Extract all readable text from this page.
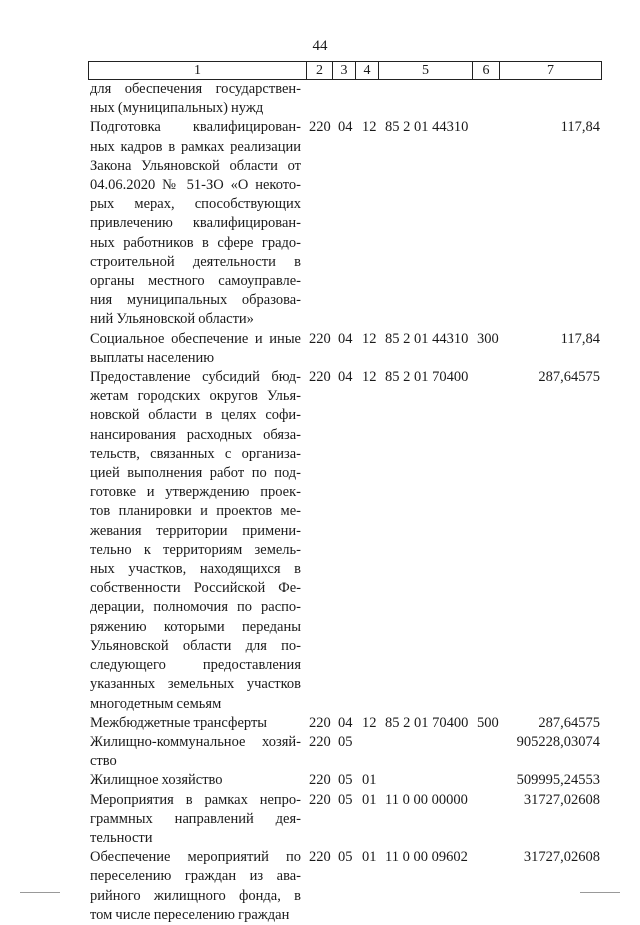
44
1	2	3	4	5	6	7
для обеспечения государствен-
ных (муниципальных) нужд
Подготовка квалифицирован-
ных кадров в рамках реализации
Закона Ульяновской области от
04.06.2020 № 51-ЗО «О некото-
рых мерах, способствующих
привлечению квалифицирован-
ных работников в сфере градо-
строительной деятельности в
органы местного самоуправле-
ния муниципальных образова-
ний Ульяновской области»
220 04 12 85 2 01 44310	117,84
Социальное обеспечение и иные
выплаты населению
220 04 12 85 2 01 44310 300	117,84
Предоставление субсидий бюд-
жетам городских округов Улья-
новской области в целях софи-
нансирования расходных обяза-
тельств, связанных с организа-
цией выполнения работ по под-
готовке и утверждению проек-
тов планировки и проектов ме-
жевания территории примени-
тельно к территориям земель-
ных участков, находящихся в
собственности Российской Фе-
дерации, полномочия по распо-
ряжению которыми переданы
Ульяновской области для по-
следующего предоставления
указанных земельных участков
многодетным семьям
220 04 12 85 2 01 70400	287,64575
Межбюджетные трансферты	220 04 12 85 2 01 70400 500	287,64575
Жилищно-коммунальное хозяй-
ство
220 05	905228,03074
Жилищное хозяйство	220 05 01	509995,24553
Мероприятия в рамках непро-
граммных направлений дея-
тельности
220 05 01 11 0 00 00000	31727,02608
Обеспечение мероприятий по
переселению граждан из ава-
рийного жилищного фонда, в
том числе переселению граждан
220 05 01 11 0 00 09602	31727,02608
